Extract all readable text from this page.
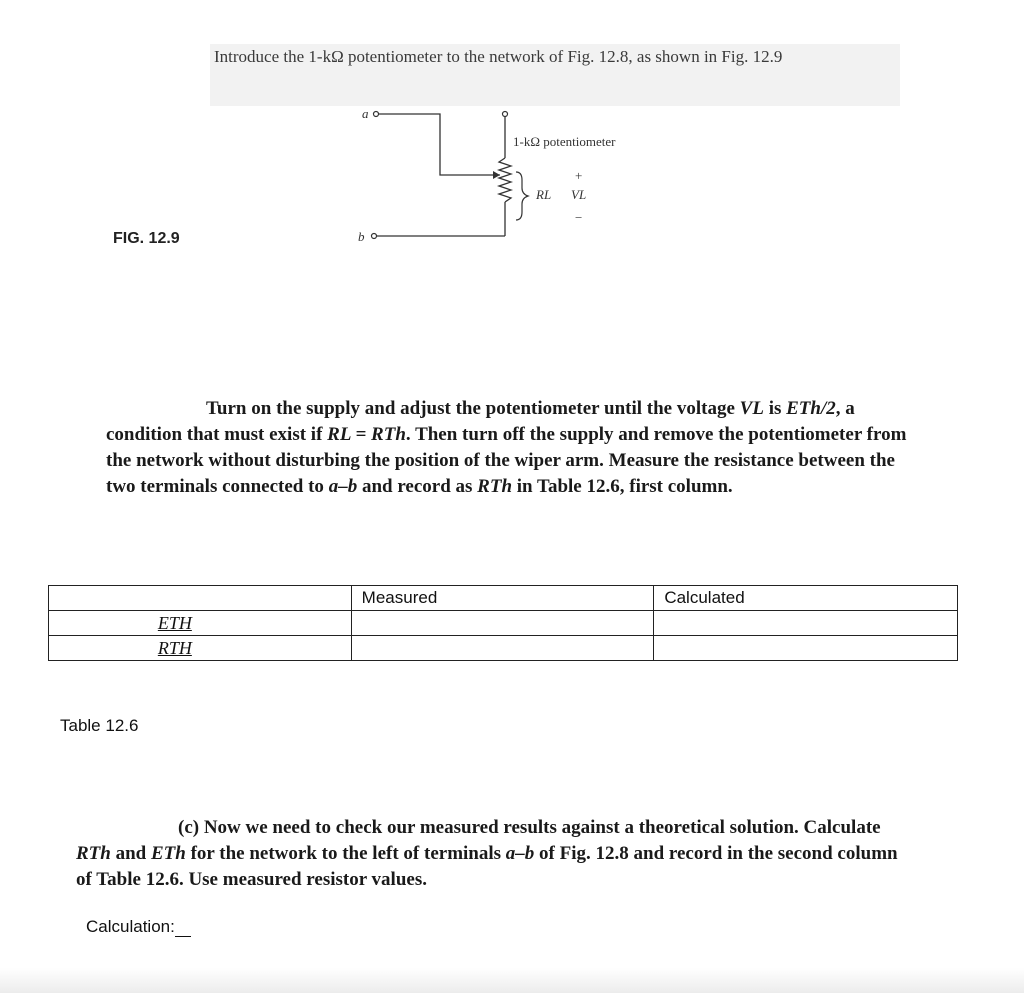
Introduce the 1-kΩ potentiometer to the network of Fig. 12.8, as shown in Fig. 12.9
FIG. 12.9
a
b
1-kΩ potentiometer
RL
+
VL
−
Turn on the supply and adjust the potentiometer until the voltage VL is ETh/2, a condition that must exist if RL = RTh. Then turn off the supply and remove the potentiometer from the network without disturbing the position of the wiper arm. Measure the resistance between the two terminals connected to a–b and record as RTh in Table 12.6, first column.
	Measured	Calculated
ETH		
RTH		
Table 12.6
(c) Now we need to check our measured results against a theoretical solution. Calculate RTh and ETh for the network to the left of terminals a–b of Fig. 12.8 and record in the second column of Table 12.6. Use measured resistor values.
Calculation:
